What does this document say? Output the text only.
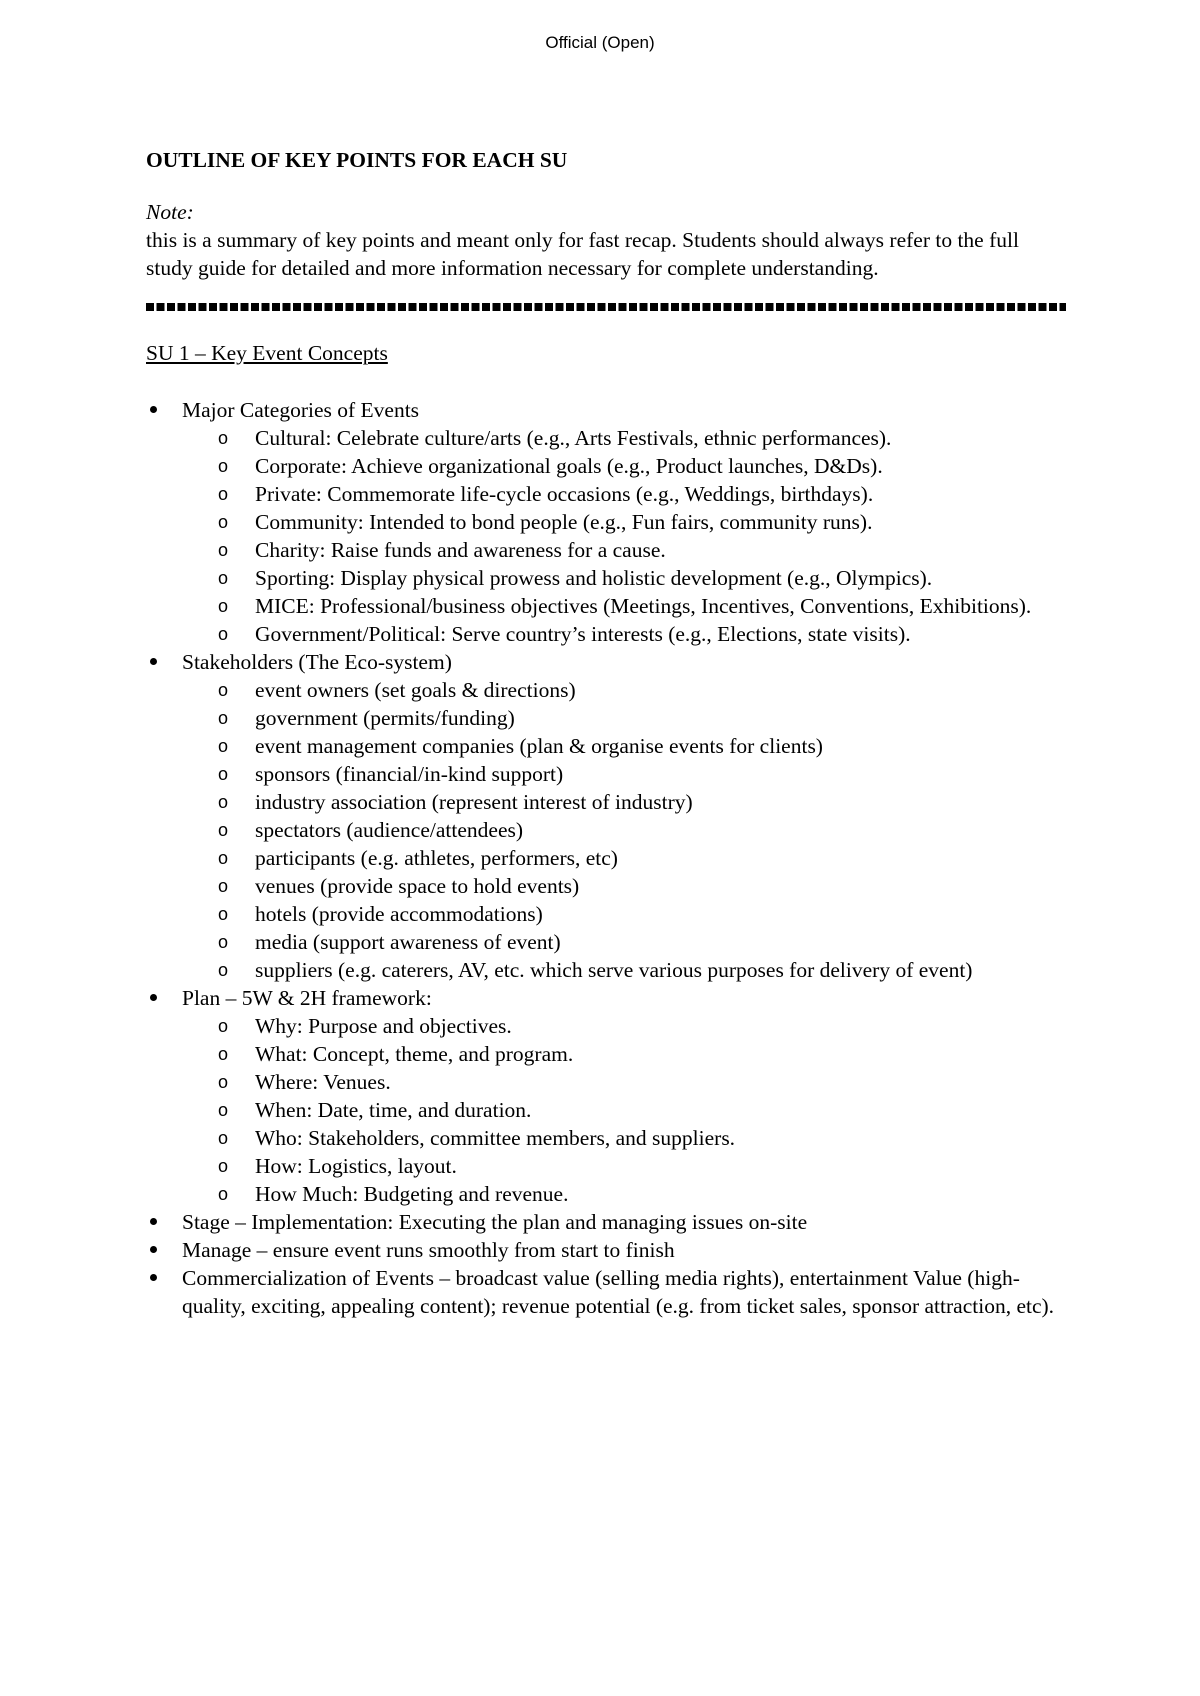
Official (Open)
OUTLINE OF KEY POINTS FOR EACH SU
Note:

this is a summary of key points and meant only for fast recap. Students should always refer to the full study guide for detailed and more information necessary for complete understanding.

SU 1 – Key Event Concepts
Major Categories of Events
o Cultural: Celebrate culture/arts (e.g., Arts Festivals, ethnic performances).
o Corporate: Achieve organizational goals (e.g., Product launches, D&Ds).
o Private: Commemorate life-cycle occasions (e.g., Weddings, birthdays).
o Community: Intended to bond people (e.g., Fun fairs, community runs).
o Charity: Raise funds and awareness for a cause.
o Sporting: Display physical prowess and holistic development (e.g., Olympics).
o MICE: Professional/business objectives (Meetings, Incentives, Conventions, Exhibitions).
o Government/Political: Serve country’s interests (e.g., Elections, state visits).
Stakeholders (The Eco-system)
o event owners (set goals & directions)
o government (permits/funding)
o event management companies (plan & organise events for clients)
o sponsors (financial/in-kind support)
o industry association (represent interest of industry)
o spectators (audience/attendees)
o participants (e.g. athletes, performers, etc)
o venues (provide space to hold events)
o hotels (provide accommodations)
o media (support awareness of event)
o suppliers (e.g. caterers, AV, etc. which serve various purposes for delivery of event)
Plan – 5W & 2H framework:
o Why: Purpose and objectives.
o What: Concept, theme, and program.
o Where: Venues.
o When: Date, time, and duration.
o Who: Stakeholders, committee members, and suppliers.
o How: Logistics, layout.
o How Much: Budgeting and revenue.
Stage – Implementation: Executing the plan and managing issues on-site
Manage – ensure event runs smoothly from start to finish
Commercialization of Events – broadcast value (selling media rights), entertainment Value (high-quality, exciting, appealing content); revenue potential (e.g. from ticket sales, sponsor attraction, etc).
